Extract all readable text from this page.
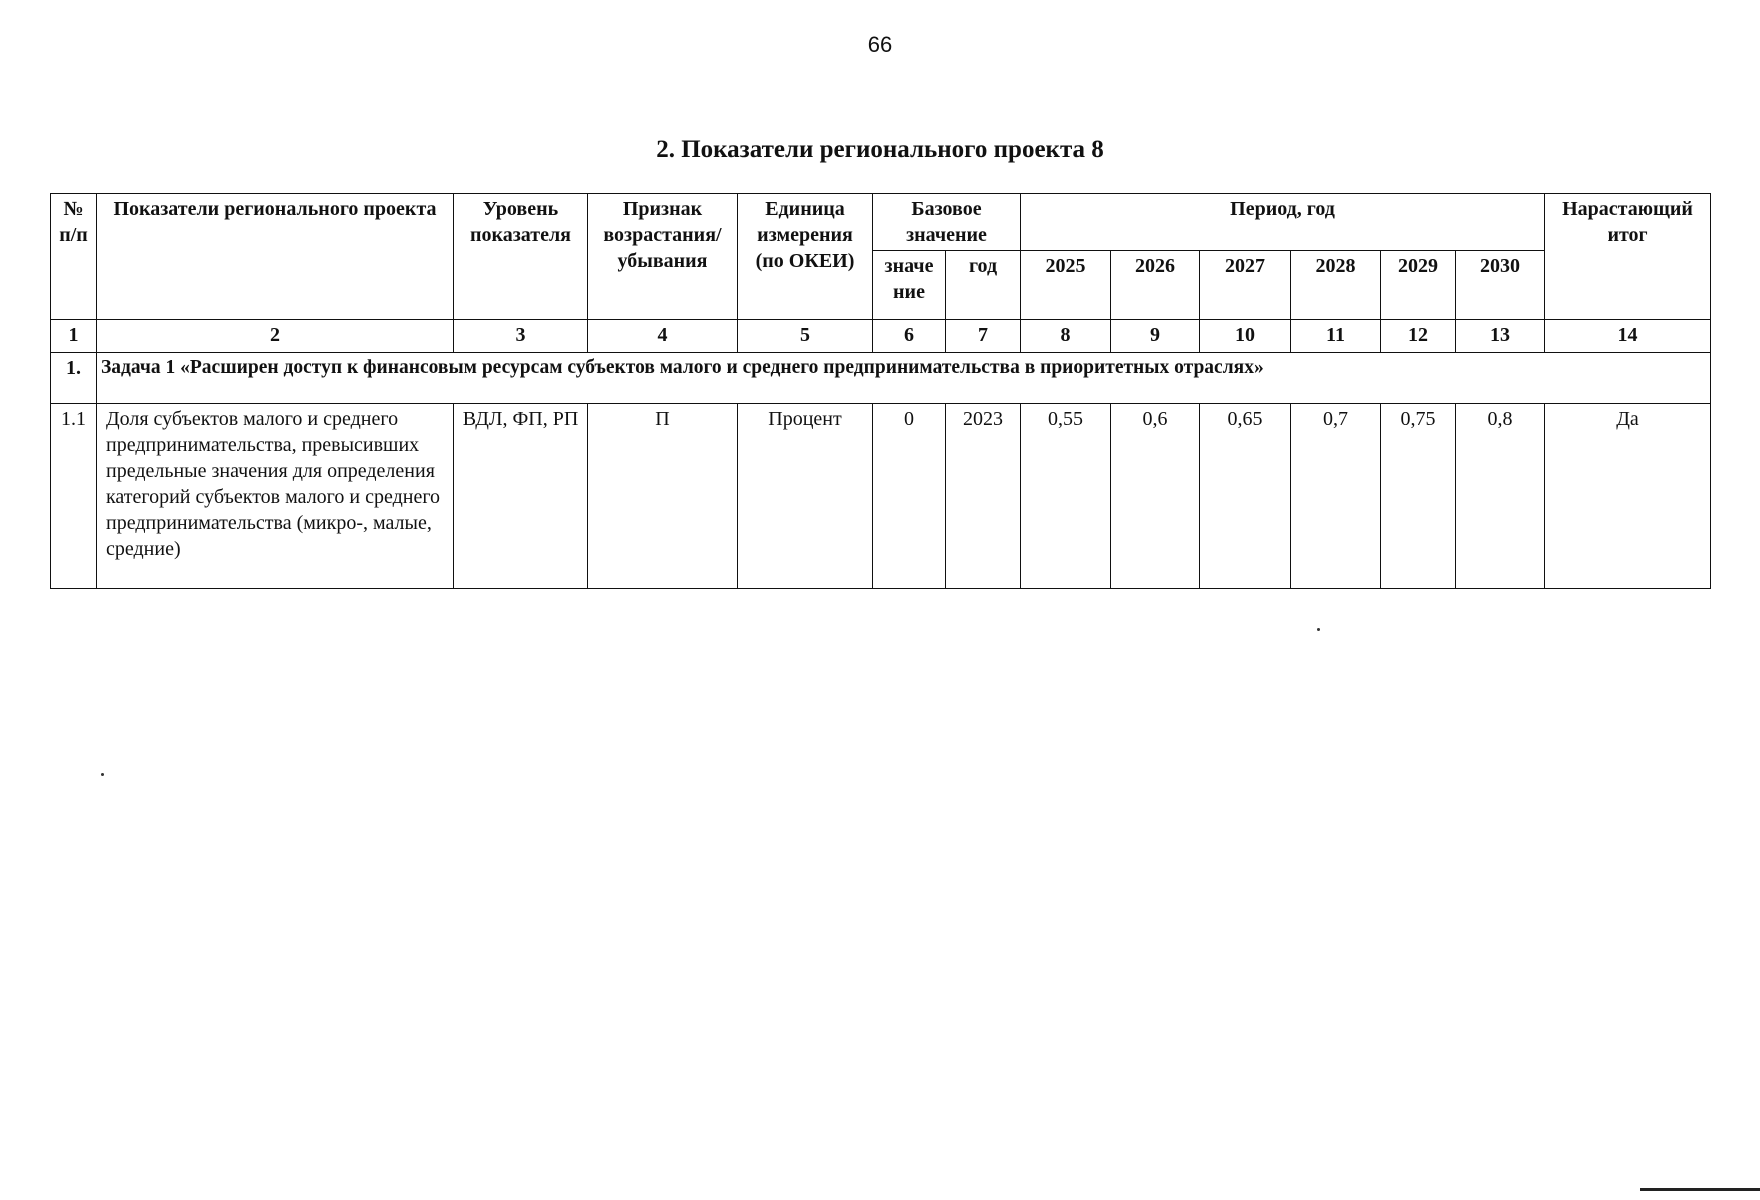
66
2. Показатели регионального проекта 8
№ п/п	Показатели регионального проекта	Уровень показателя	Признак возрастания/ убывания	Единица измерения (по ОКЕИ)	Базовое значение		Период, год						Нарастающий итог
					значе ние	год	2025	2026	2027	2028	2029	2030	
1	2	3	4	5	6	7	8	9	10	11	12	13	14
1.	Задача 1 «Расширен доступ к финансовым ресурсам субъектов малого и среднего предпринимательства в приоритетных отраслях»												
1.1	Доля субъектов малого и среднего предпринимательства, превысивших предельные значения для определения категорий субъектов малого и среднего предпринимательства (микро-, малые, средние)	ВДЛ, ФП, РП	П	Процент	0	2023	0,55	0,6	0,65	0,7	0,75	0,8	Да
